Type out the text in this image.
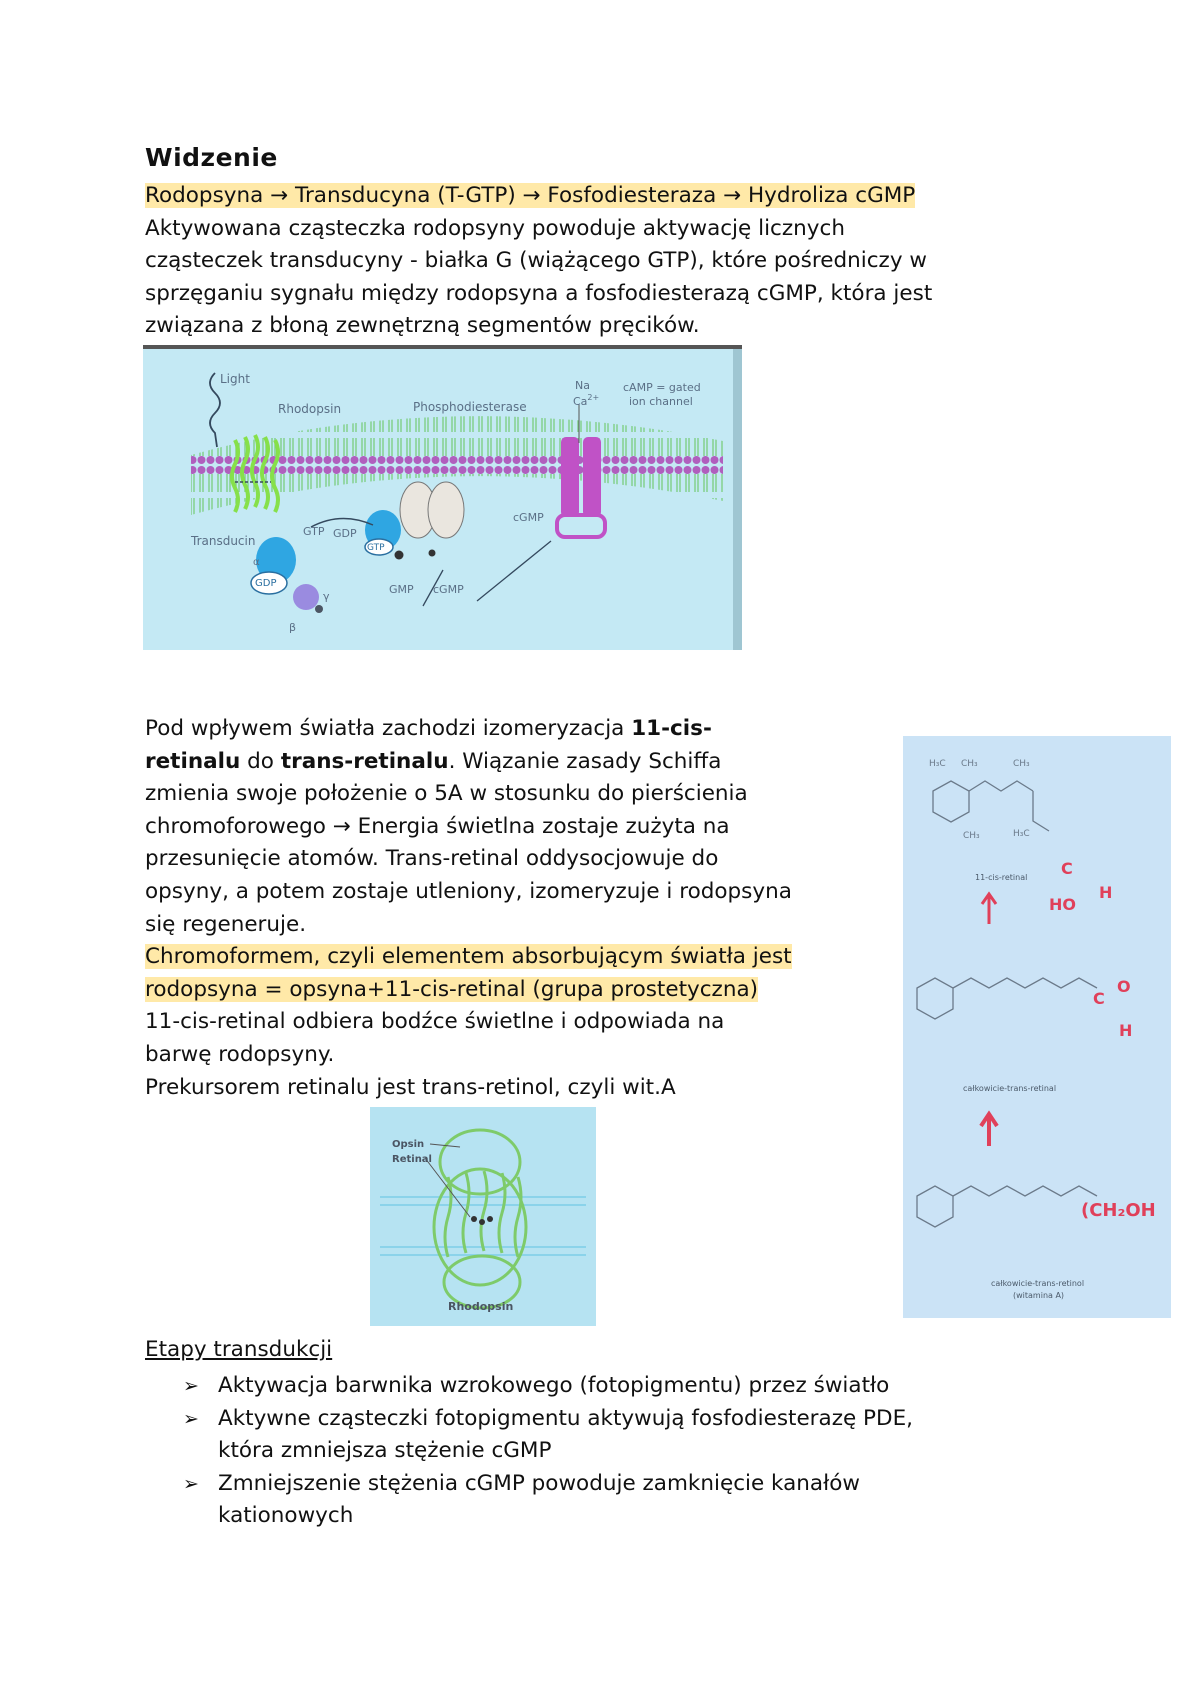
Widzenie
Rodopsyna → Transducyna (T-GTP) → Fosfodiesteraza → Hydroliza cGMP
Aktywowana cząsteczka rodopsyny powoduje aktywację licznych
cząsteczek transducyny - białka G (wiążącego GTP), które pośredniczy w
sprzęganiu sygnału między rodopsyna a fosfodiesterazą cGMP, która jest
związana z błoną zewnętrzną segmentów pręcików.
Light
Rhodopsin	Phosphodiesterase
Na
$Ca^{2+}$
cAMP = gated
ion channel
Transducin
α
β
γ
GTP GDP
GDP
GTP
GMP cGMP
cGMP
Pod wpływem światła zachodzi izomeryzacja 11-cis-
retinalu do trans-retinalu. Wiązanie zasady Schiffa
zmienia swoje położenie o 5A w stosunku do pierścienia
chromoforowego → Energia świetlna zostaje zużyta na
przesunięcie atomów. Trans-retinal oddysocjowuje do
opsyny, a potem zostaje utleniony, izomeryzuje i rodopsyna
się regeneruje.
Chromoformem, czyli elementem absorbującym światła jest
rodopsyna = opsyna+11-cis-retinal (grupa prostetyczna)
11-cis-retinal odbiera bodźce świetlne i odpowiada na
barwę rodopsyny.
Prekursorem retinalu jest trans-retinol, czyli wit.A
H₃C CH₃	CH₃
CH₃	H₃C
11-cis-retinal C
HO
H
całkowicie-trans-retinal
C
O
H
(CH₂OH
całkowicie-trans-retinol
(witamina A)
Opsin
Retinal
Rhodopsin
Etapy transdukcji
➢ Aktywacja barwnika wzrokowego (fotopigmentu) przez światło
➢ Aktywne cząsteczki fotopigmentu aktywują fosfodiesterazę PDE,
która zmniejsza stężenie cGMP
➢ Zmniejszenie stężenia cGMP powoduje zamknięcie kanałów
kationowych
